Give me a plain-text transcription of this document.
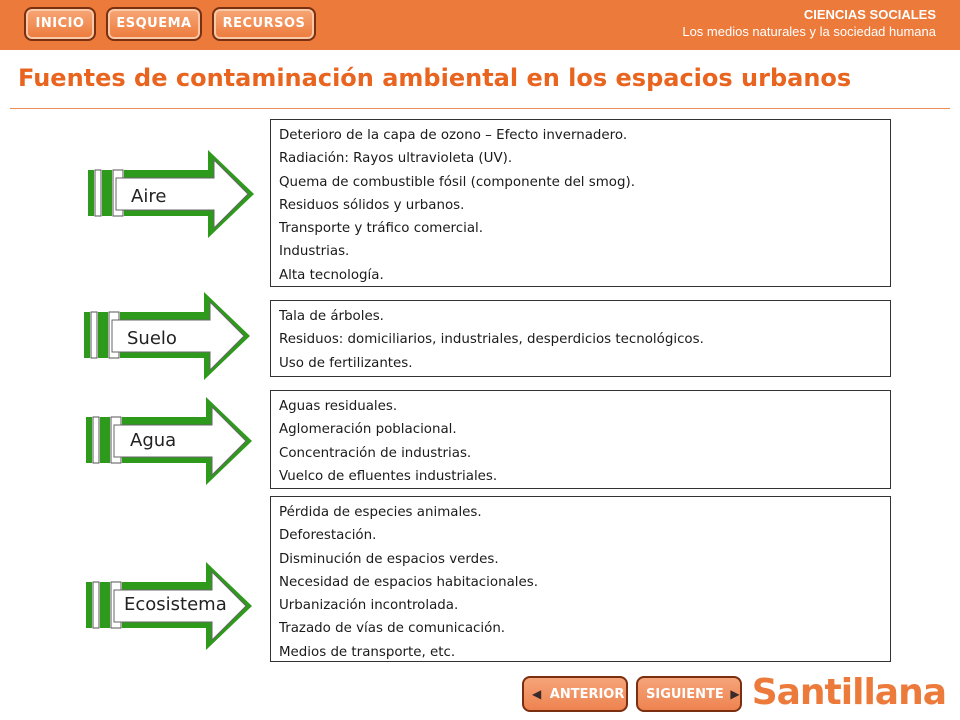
INICIO	ESQUEMA	RECURSOS
CIENCIAS SOCIALES
Los medios naturales y la sociedad humana
Fuentes de contaminación ambiental en los espacios urbanos
Aire
Deterioro de la capa de ozono – Efecto invernadero.
Radiación: Rayos ultravioleta (UV).
Quema de combustible fósil (componente del smog).
Residuos sólidos y urbanos.
Transporte y tráfico comercial.
Industrias.
Alta tecnología.
Suelo
Tala de árboles.
Residuos: domiciliarios, industriales, desperdicios tecnológicos.
Uso de fertilizantes.
Agua
Aguas residuales.
Aglomeración poblacional.
Concentración de industrias.
Vuelco de efluentes industriales.
Ecosistema
Pérdida de especies animales.
Deforestación.
Disminución de espacios verdes.
Necesidad de espacios habitacionales.
Urbanización incontrolada.
Trazado de vías de comunicación.
Medios de transporte, etc.
◀ ANTERIOR	SIGUIENTE ▶ Santillana
